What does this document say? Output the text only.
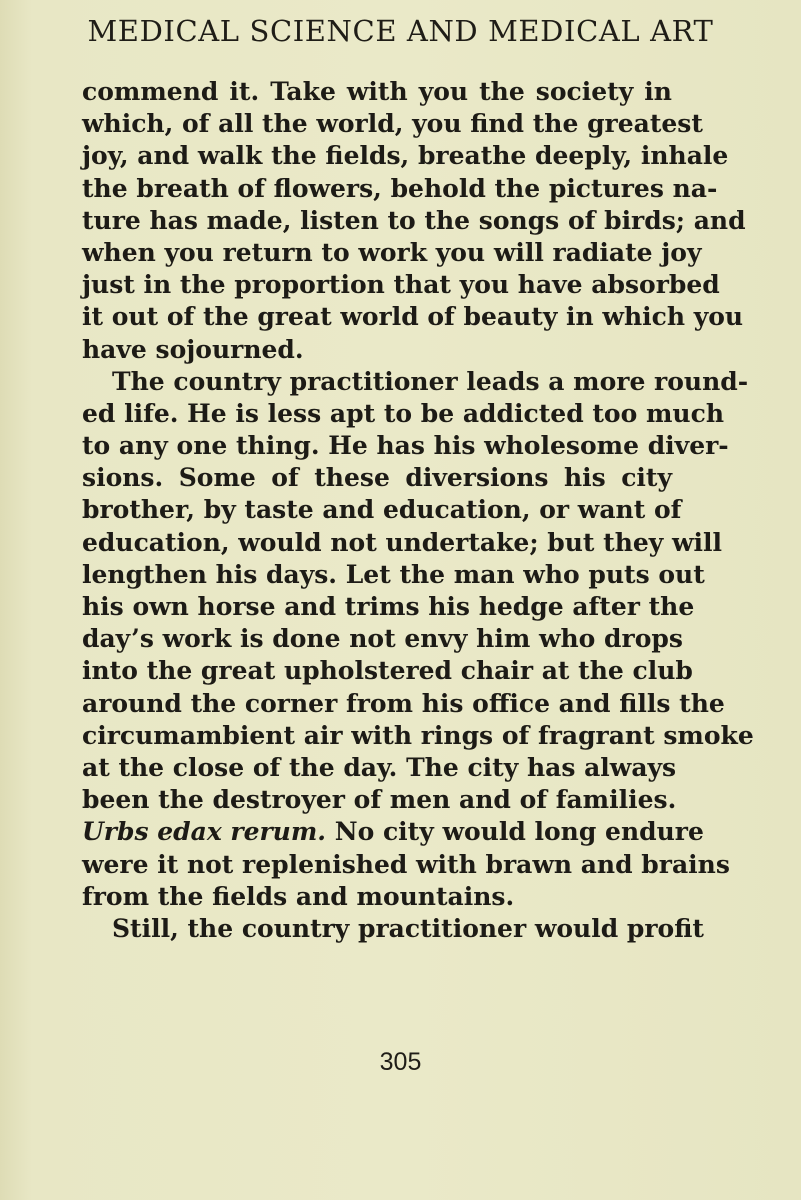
MEDICAL SCIENCE AND MEDICAL ART
commend it. Take with you the society in
which, of all the world, you find the greatest
joy, and walk the fields, breathe deeply, inhale
the breath of flowers, behold the pictures na-
ture has made, listen to the songs of birds; and
when you return to work you will radiate joy
just in the proportion that you have absorbed
it out of the great world of beauty in which you
have sojourned.
The country practitioner leads a more round-
ed life. He is less apt to be addicted too much
to any one thing. He has his wholesome diver-
sions. Some of these diversions his city
brother, by taste and education, or want of
education, would not undertake; but they will
lengthen his days. Let the man who puts out
his own horse and trims his hedge after the
day’s work is done not envy him who drops
into the great upholstered chair at the club
around the corner from his office and fills the
circumambient air with rings of fragrant smoke
at the close of the day. The city has always
been the destroyer of men and of families.
Urbs edax rerum. No city would long endure
were it not replenished with brawn and brains
from the fields and mountains.
Still, the country practitioner would profit
305
